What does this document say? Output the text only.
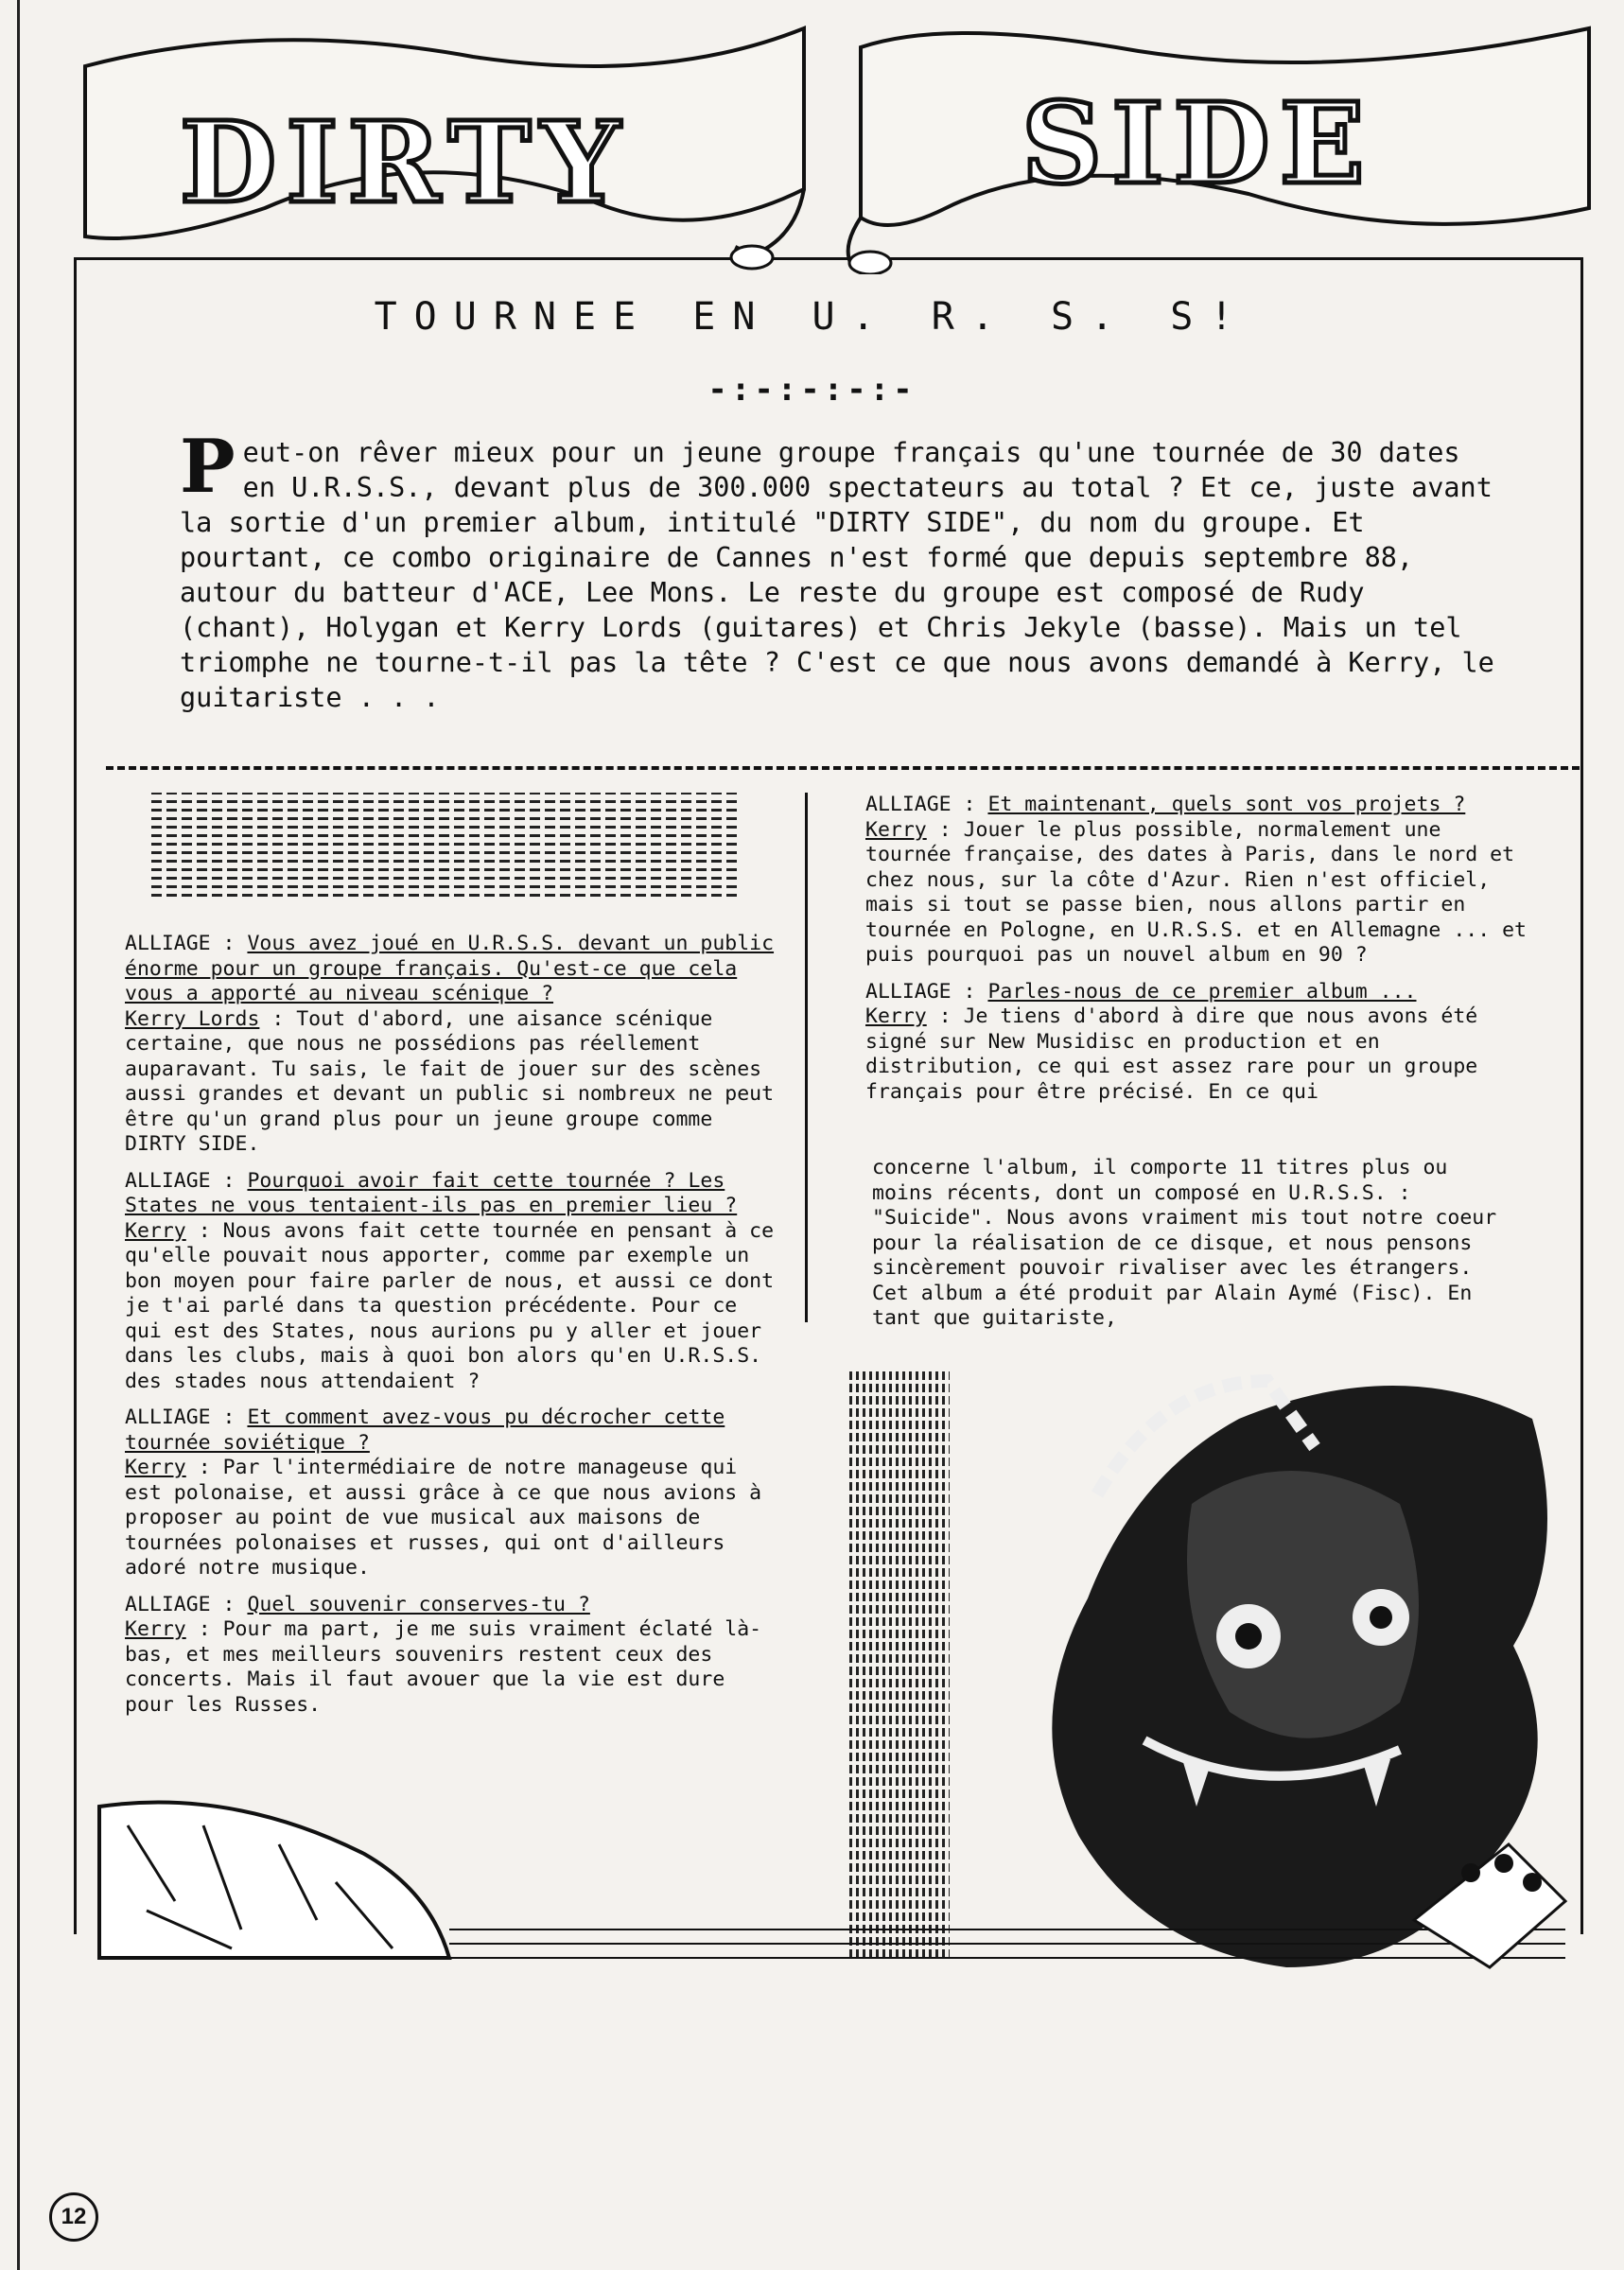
DIRTY	SIDE
TOURNEE EN U. R. S. S!
-:-:-:-:-
P eut-on rêver mieux pour un jeune groupe français qu'une tournée de 30 dates en U.R.S.S., devant plus de 300.000 spectateurs au total ? Et ce, juste avant la sortie d'un premier album, intitulé "DIRTY SIDE", du nom du groupe. Et pourtant, ce combo originaire de Cannes n'est formé que depuis septembre 88, autour du batteur d'ACE, Lee Mons. Le reste du groupe est composé de Rudy (chant), Holygan et Kerry Lords (guitares) et Chris Jekyle (basse). Mais un tel triomphe ne tourne-t-il pas la tête ? C'est ce que nous avons demandé à Kerry, le guitariste . . .

ALLIAGE : Vous avez joué en U.R.S.S. devant un public énorme pour un groupe français. Qu'est-ce que cela vous a apporté au niveau scénique ?
Kerry Lords : Tout d'abord, une aisance scénique certaine, que nous ne possédions pas réellement auparavant. Tu sais, le fait de jouer sur des scènes aussi grandes et devant un public si nombreux ne peut être qu'un grand plus pour un jeune groupe comme DIRTY SIDE.

ALLIAGE : Pourquoi avoir fait cette tournée ? Les States ne vous tentaient-ils pas en premier lieu ?
Kerry : Nous avons fait cette tournée en pensant à ce qu'elle pouvait nous apporter, comme par exemple un bon moyen pour faire parler de nous, et aussi ce dont je t'ai parlé dans ta question précédente. Pour ce qui est des States, nous aurions pu y aller et jouer dans les clubs, mais à quoi bon alors qu'en U.R.S.S. des stades nous attendaient ?

ALLIAGE : Et comment avez-vous pu décrocher cette tournée soviétique ?
Kerry : Par l'intermédiaire de notre manageuse qui est polonaise, et aussi grâce à ce que nous avions à proposer au point de vue musical aux maisons de tournées polonaises et russes, qui ont d'ailleurs adoré notre musique.

ALLIAGE : Quel souvenir conserves-tu ?
Kerry : Pour ma part, je me suis vraiment éclaté là-bas, et mes meilleurs souvenirs restent ceux des concerts. Mais il faut avouer que la vie est dure pour les Russes.

ALLIAGE : Et maintenant, quels sont vos projets ?
Kerry : Jouer le plus possible, normalement une tournée française, des dates à Paris, dans le nord et chez nous, sur la côte d'Azur. Rien n'est officiel, mais si tout se passe bien, nous allons partir en tournée en Pologne, en U.R.S.S. et en Allemagne ... et puis pourquoi pas un nouvel album en 90 ?

ALLIAGE : Parles-nous de ce premier album ...
Kerry : Je tiens d'abord à dire que nous avons été signé sur New Musidisc en production et en distribution, ce qui est assez rare pour un groupe français pour être précisé. En ce qui

concerne l'album, il comporte 11 titres plus ou moins récents, dont un composé en U.R.S.S. : "Suicide". Nous avons vraiment mis tout notre coeur pour la réalisation de ce disque, et nous pensons sincèrement pouvoir rivaliser avec les étrangers. Cet album a été produit par Alain Aymé (Fisc). En tant que guitariste,
12
